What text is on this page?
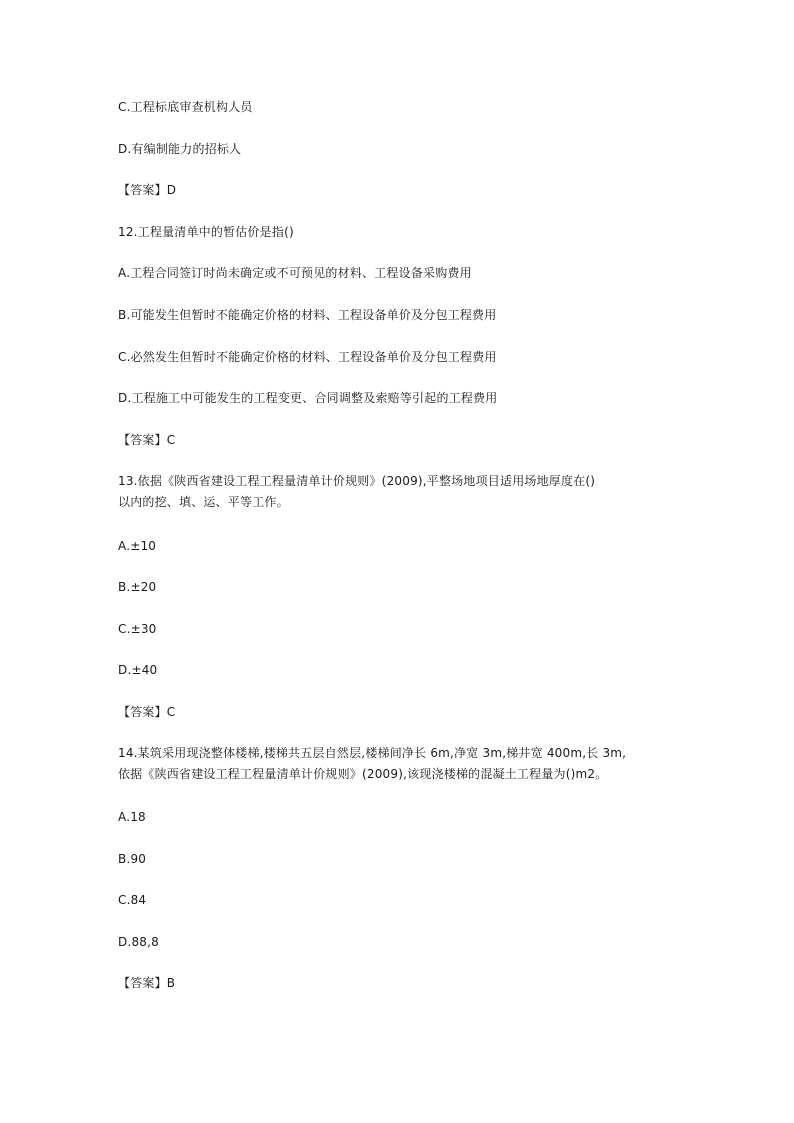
C.工程标底审查机构人员
D.有编制能力的招标人
【答案】D
12.工程量清单中的暂估价是指()
A.工程合同签订时尚未确定或不可预见的材料、工程设备采购费用
B.可能发生但暂时不能确定价格的材料、工程设备单价及分包工程费用
C.必然发生但暂时不能确定价格的材料、工程设备单价及分包工程费用
D.工程施工中可能发生的工程变更、合同调整及索赔等引起的工程费用
【答案】C
13.依据《陕西省建设工程工程量清单计价规则》(2009),平整场地项目适用场地厚度在()
以内的挖、填、运、平等工作。
A.±10
B.±20
C.±30
D.±40
【答案】C
14.某筑采用现浇整体楼梯,楼梯共五层自然层,楼梯间净长 6m,净宽 3m,梯井宽 400m,长 3m,
依据《陕西省建设工程工程量清单计价规则》(2009),该现浇楼梯的混凝土工程量为()m2。
A.18
B.90
C.84
D.88,8
【答案】B
